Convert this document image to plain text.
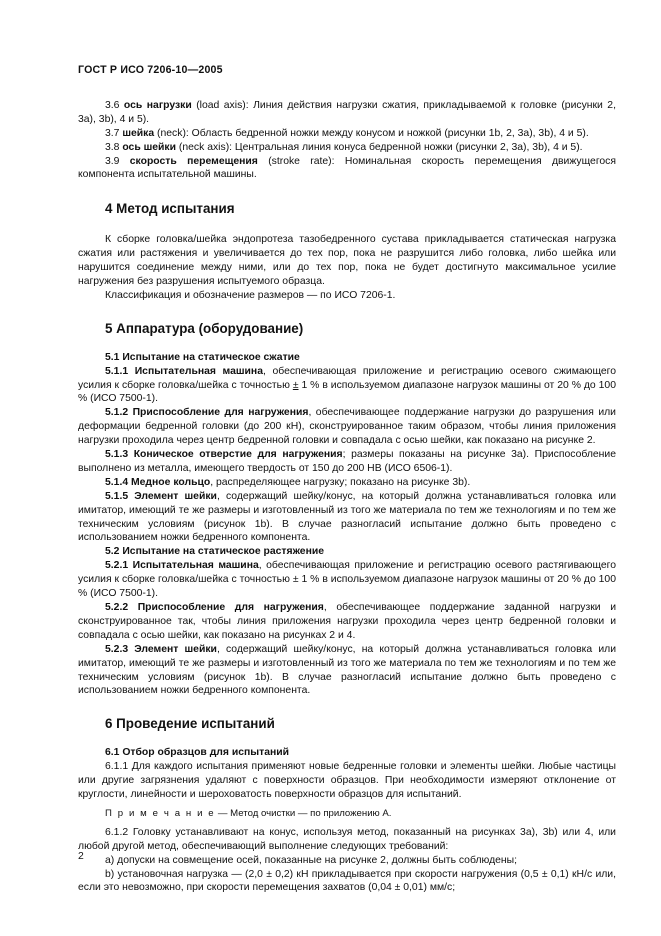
ГОСТ Р ИСО 7206-10—2005

3.6 ось нагрузки (load axis): Линия действия нагрузки сжатия, прикладываемой к головке (рисунки 2, 3a), 3b), 4 и 5).

3.7 шейка (neck): Область бедренной ножки между конусом и ножкой (рисунки 1b, 2, 3a), 3b), 4 и 5).

3.8 ось шейки (neck axis): Центральная линия конуса бедренной ножки (рисунки 2, 3a), 3b), 4 и 5).

3.9 скорость перемещения (stroke rate): Номинальная скорость перемещения движущегося компонента испытательной машины.

4 Метод испытания

К сборке головка/шейка эндопротеза тазобедренного сустава прикладывается статическая нагрузка сжатия или растяжения и увеличивается до тех пор, пока не разрушится либо головка, либо шейка или нарушится соединение между ними, или до тех пор, пока не будет достигнуто максимальное усилие нагружения без разрушения испытуемого образца.

Классификация и обозначение размеров — по ИСО 7206-1.

5 Аппаратура (оборудование)
5.1 Испытание на статическое сжатие

5.1.1 Испытательная машина, обеспечивающая приложение и регистрацию осевого сжимающего усилия к сборке головка/шейка с точностью ± 1 % в используемом диапазоне нагрузок машины от 20 % до 100 % (ИСО 7500-1).

5.1.2 Приспособление для нагружения, обеспечивающее поддержание нагрузки до разрушения или деформации бедренной головки (до 200 кН), сконструированное таким образом, чтобы линия приложения нагрузки проходила через центр бедренной головки и совпадала с осью шейки, как показано на рисунке 2.

5.1.3 Коническое отверстие для нагружения; размеры показаны на рисунке 3a). Приспособление выполнено из металла, имеющего твердость от 150 до 200 HB (ИСО 6506-1).

5.1.4 Медное кольцо, распределяющее нагрузку; показано на рисунке 3b).

5.1.5 Элемент шейки, содержащий шейку/конус, на который должна устанавливаться головка или имитатор, имеющий те же размеры и изготовленный из того же материала по тем же технологиям и по тем же техническим условиям (рисунок 1b). В случае разногласий испытание должно быть проведено с использованием ножки бедренного компонента.

5.2 Испытание на статическое растяжение

5.2.1 Испытательная машина, обеспечивающая приложение и регистрацию осевого растягивающего усилия к сборке головка/шейка с точностью ± 1 % в используемом диапазоне нагрузок машины от 20 % до 100 % (ИСО 7500-1).

5.2.2 Приспособление для нагружения, обеспечивающее поддержание заданной нагрузки и сконструированное так, чтобы линия приложения нагрузки проходила через центр бедренной головки и совпадала с осью шейки, как показано на рисунках 2 и 4.

5.2.3 Элемент шейки, содержащий шейку/конус, на который должна устанавливаться головка или имитатор, имеющий те же размеры и изготовленный из того же материала по тем же технологиям и по тем же техническим условиям (рисунок 1b). В случае разногласий испытание должно быть проведено с использованием ножки бедренного компонента.

6 Проведение испытаний
6.1 Отбор образцов для испытаний

6.1.1 Для каждого испытания применяют новые бедренные головки и элементы шейки. Любые частицы или другие загрязнения удаляют с поверхности образцов. При необходимости измеряют отклонение от круглости, линейности и шероховатость поверхности образцов для испытаний.

П р и м е ч а н и е — Метод очистки — по приложению А.

6.1.2 Головку устанавливают на конус, используя метод, показанный на рисунках 3a), 3b) или 4, или любой другой метод, обеспечивающий выполнение следующих требований:

a) допуски на совмещение осей, показанные на рисунке 2, должны быть соблюдены;

b) установочная нагрузка — (2,0 ± 0,2) кН прикладывается при скорости нагружения (0,5 ± 0,1) кН/с или, если это невозможно, при скорости перемещения захватов (0,04 ± 0,01) мм/с;

2
